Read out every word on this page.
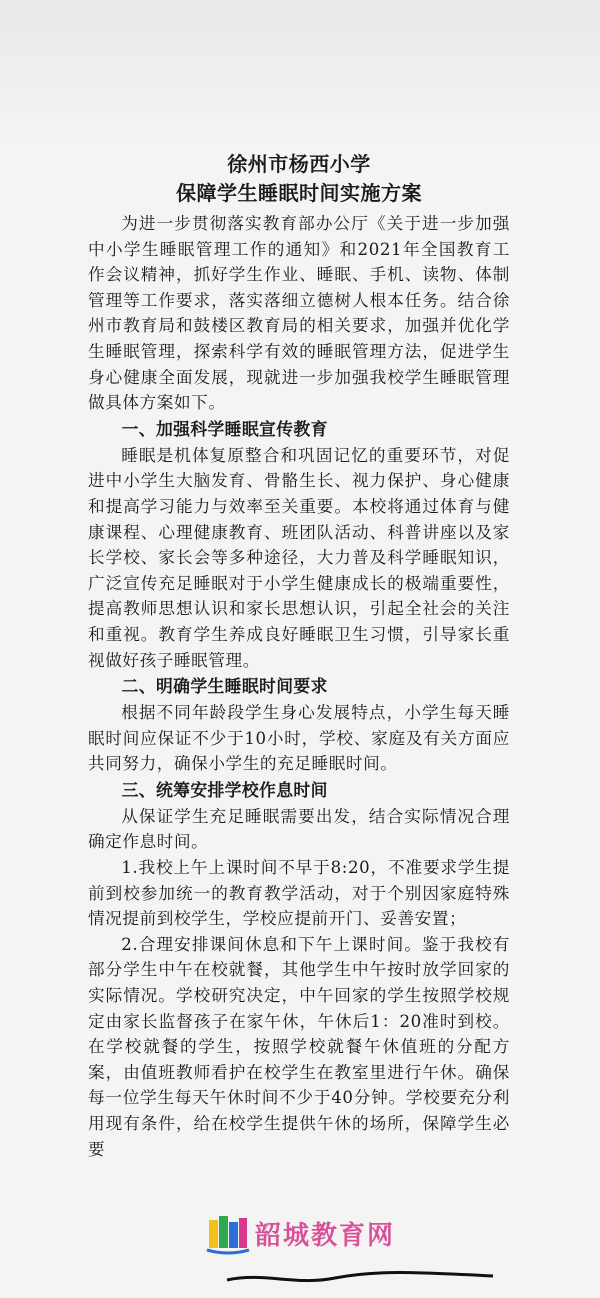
徐州市杨西小学
保障学生睡眠时间实施方案

为进一步贯彻落实教育部办公厅《关于进一步加强中小学生睡眠管理工作的通知》和2021年全国教育工作会议精神，抓好学生作业、睡眠、手机、读物、体制管理等工作要求，落实落细立德树人根本任务。结合徐州市教育局和鼓楼区教育局的相关要求，加强并优化学生睡眠管理，探索科学有效的睡眠管理方法，促进学生身心健康全面发展，现就进一步加强我校学生睡眠管理做具体方案如下。

一、加强科学睡眠宣传教育

睡眠是机体复原整合和巩固记忆的重要环节，对促进中小学生大脑发育、骨骼生长、视力保护、身心健康和提高学习能力与效率至关重要。本校将通过体育与健康课程、心理健康教育、班团队活动、科普讲座以及家长学校、家长会等多种途径，大力普及科学睡眠知识，广泛宣传充足睡眠对于小学生健康成长的极端重要性，提高教师思想认识和家长思想认识，引起全社会的关注和重视。教育学生养成良好睡眠卫生习惯，引导家长重视做好孩子睡眠管理。

二、明确学生睡眠时间要求

根据不同年龄段学生身心发展特点，小学生每天睡眠时间应保证不少于10小时，学校、家庭及有关方面应共同努力，确保小学生的充足睡眠时间。

三、统筹安排学校作息时间

从保证学生充足睡眠需要出发，结合实际情况合理确定作息时间。

1.我校上午上课时间不早于8:20，不准要求学生提前到校参加统一的教育教学活动，对于个别因家庭特殊情况提前到校学生，学校应提前开门、妥善安置；

2.合理安排课间休息和下午上课时间。鉴于我校有部分学生中午在校就餐，其他学生中午按时放学回家的实际情况。学校研究决定，中午回家的学生按照学校规定由家长监督孩子在家午休，午休后1：20准时到校。在学校就餐的学生，按照学校就餐午休值班的分配方案，由值班教师看护在校学生在教室里进行午休。确保每一位学生每天午休时间不少于40分钟。学校要充分利用现有条件，给在校学生提供午休的场所，保障学生必要

韶城教育网
